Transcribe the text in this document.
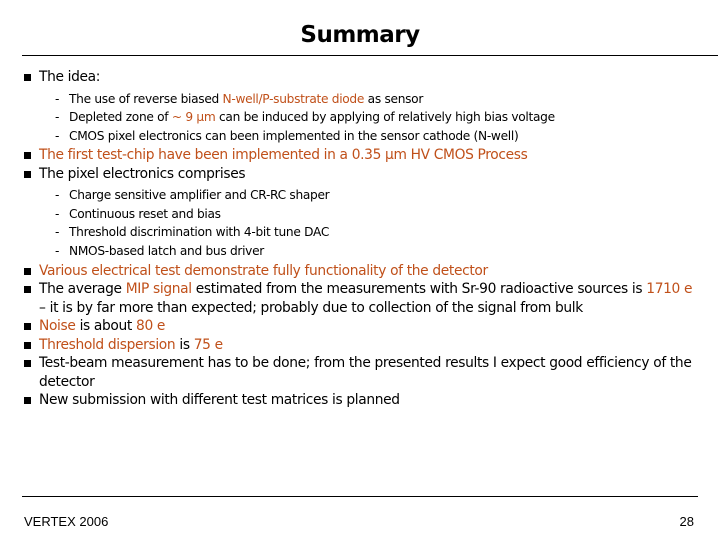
Summary
The idea:
- The use of reverse biased N-well/P-substrate diode as sensor
- Depleted zone of ~ 9 μm can be induced by applying of relatively high bias voltage
- CMOS pixel electronics can been implemented in the sensor cathode (N-well)
The first test-chip have been implemented in a 0.35 μm HV CMOS Process
The pixel electronics comprises
- Charge sensitive amplifier and CR-RC shaper
- Continuous reset and bias
- Threshold discrimination with 4-bit tune DAC
- NMOS-based latch and bus driver
Various electrical test demonstrate fully functionality of the detector
The average MIP signal estimated from the measurements with Sr-90 radioactive sources is 1710 e – it is by far more than expected; probably due to collection of the signal from bulk
Noise is about 80 e
Threshold dispersion is 75 e
Test-beam measurement has to be done; from the presented results I expect good efficiency of the detector
New submission with different test matrices is planned
VERTEX 2006	28
